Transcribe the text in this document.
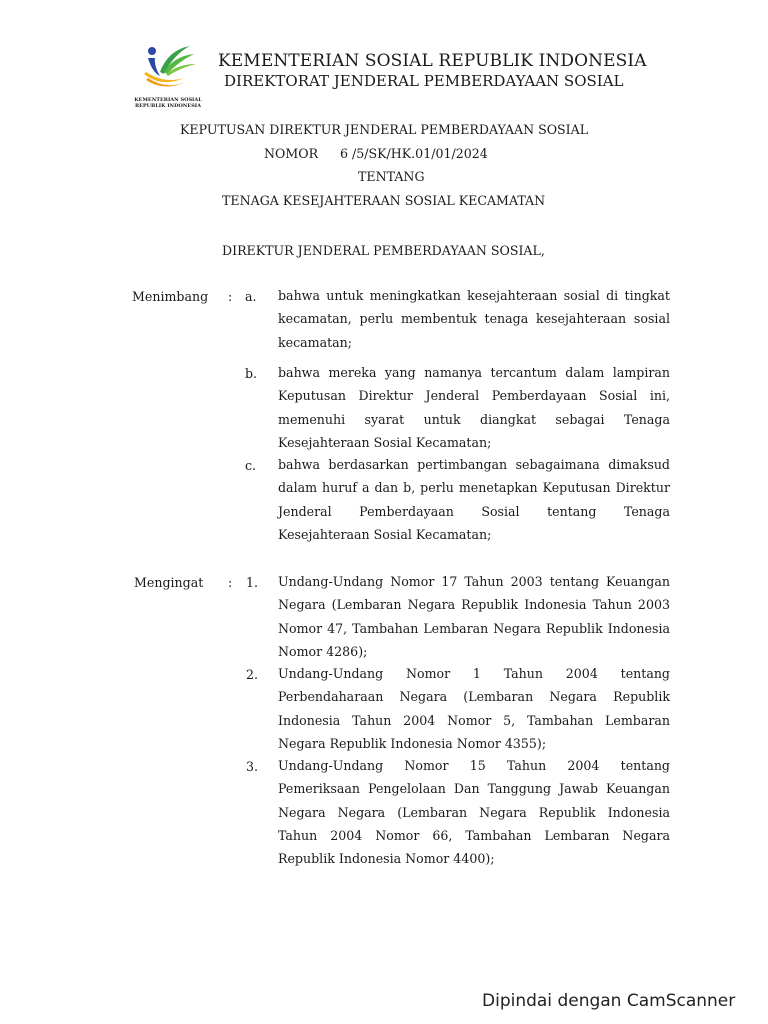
KEMENTERIAN SOSIAL
REPUBLIK INDONESIA
KEMENTERIAN SOSIAL REPUBLIK INDONESIA
DIREKTORAT JENDERAL PEMBERDAYAAN SOSIAL
KEPUTUSAN DIREKTUR JENDERAL PEMBERDAYAAN SOSIAL
NOMOR 6 /5/SK/HK.01/01/2024
TENTANG
TENAGA KESEJAHTERAAN SOSIAL KECAMATAN
DIREKTUR JENDERAL PEMBERDAYAAN SOSIAL,
Menimbang : a. bahwa untuk meningkatkan kesejahteraan sosial di tingkat kecamatan, perlu membentuk tenaga kesejahteraan sosial kecamatan;
b. bahwa mereka yang namanya tercantum dalam lampiran Keputusan Direktur Jenderal Pemberdayaan Sosial ini, memenuhi syarat untuk diangkat sebagai Tenaga Kesejahteraan Sosial Kecamatan;
c. bahwa berdasarkan pertimbangan sebagaimana dimaksud dalam huruf a dan b, perlu menetapkan Keputusan Direktur Jenderal Pemberdayaan Sosial tentang Tenaga Kesejahteraan Sosial Kecamatan;
Mengingat : 1. Undang-Undang Nomor 17 Tahun 2003 tentang Keuangan Negara (Lembaran Negara Republik Indonesia Tahun 2003 Nomor 47, Tambahan Lembaran Negara Republik Indonesia Nomor 4286);
2. Undang-Undang Nomor 1 Tahun 2004 tentang Perbendaharaan Negara (Lembaran Negara Republik Indonesia Tahun 2004 Nomor 5, Tambahan Lembaran Negara Republik Indonesia Nomor 4355);
3. Undang-Undang Nomor 15 Tahun 2004 tentang Pemeriksaan Pengelolaan Dan Tanggung Jawab Keuangan Negara Negara (Lembaran Negara Republik Indonesia Tahun 2004 Nomor 66, Tambahan Lembaran Negara Republik Indonesia Nomor 4400);
Dipindai dengan CamScanner
